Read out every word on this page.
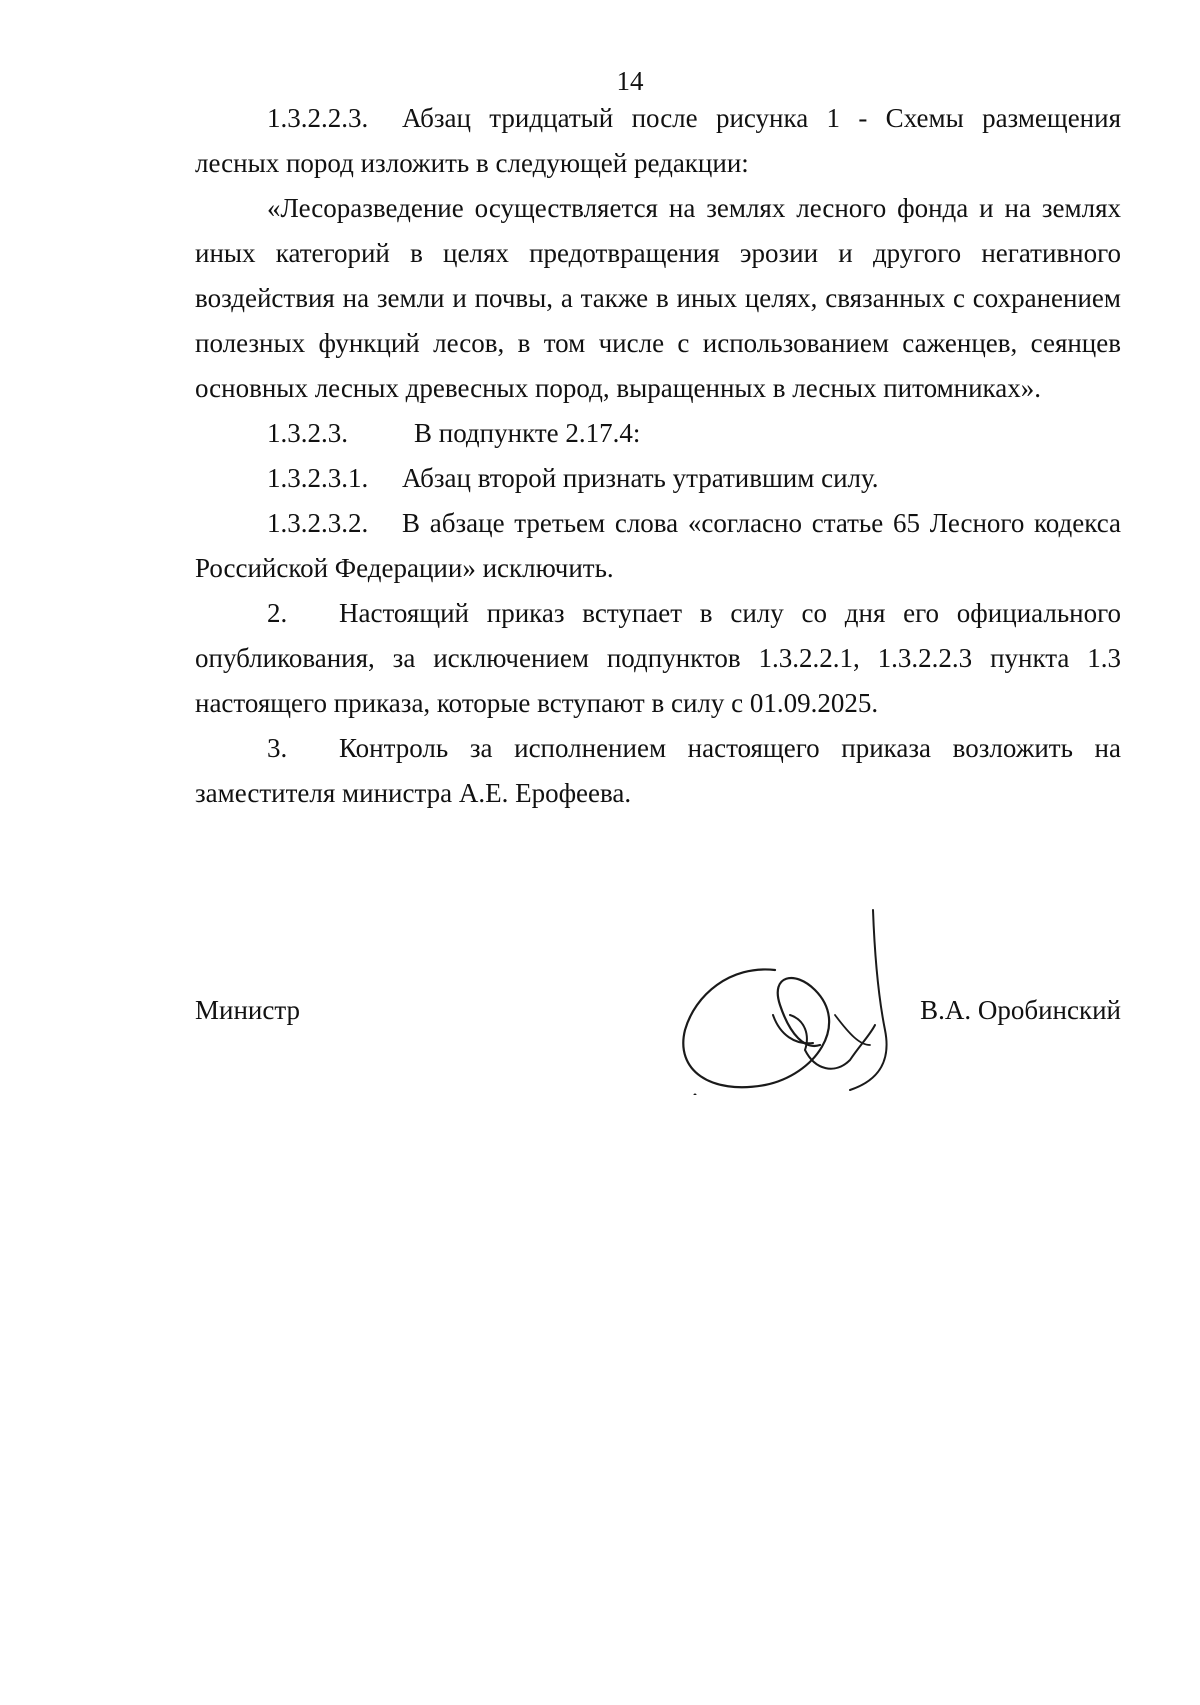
14

1.3.2.2.3. Абзац тридцатый после рисунка 1 - Схемы размещения лесных пород изложить в следующей редакции:

«Лесоразведение осуществляется на землях лесного фонда и на землях иных категорий в целях предотвращения эрозии и другого негативного воздействия на земли и почвы, а также в иных целях, связанных с сохранением полезных функций лесов, в том числе с использованием саженцев, сеянцев основных лесных древесных пород, выращенных в лесных питомниках».

1.3.2.3. В подпункте 2.17.4:

1.3.2.3.1. Абзац второй признать утратившим силу.

1.3.2.3.2. В абзаце третьем слова «согласно статье 65 Лесного кодекса Российской Федерации» исключить.

2. Настоящий приказ вступает в силу со дня его официального опубликования, за исключением подпунктов 1.3.2.2.1, 1.3.2.2.3 пункта 1.3 настоящего приказа, которые вступают в силу с 01.09.2025.

3. Контроль за исполнением настоящего приказа возложить на заместителя министра А.Е. Ерофеева.

Министр	В.А. Оробинский
